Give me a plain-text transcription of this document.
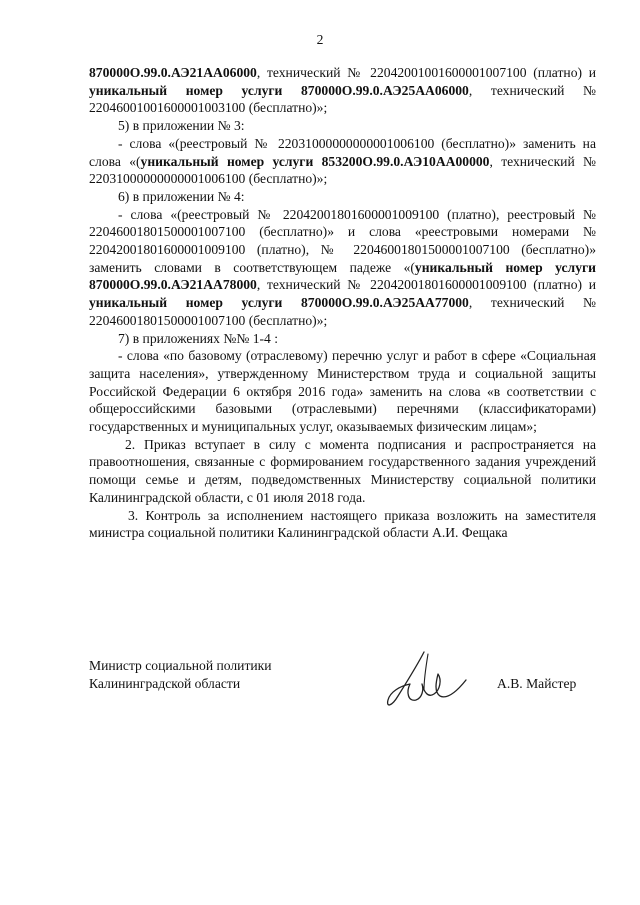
2

870000О.99.0.АЭ21АА06000, технический № 22042001001600001007100 (платно) и уникальный номер услуги 870000О.99.0.АЭ25АА06000, технический № 22046001001600001003100 (бесплатно)»;

5) в приложении № 3:

- слова «(реестровый № 22031000000000001006100 (бесплатно)» заменить на слова «(уникальный номер услуги 853200О.99.0.АЭ10АА00000, технический № 22031000000000001006100 (бесплатно)»;

6) в приложении № 4:

- слова «(реестровый № 22042001801600001009100 (платно), реестровый № 22046001801500001007100 (бесплатно)» и слова «реестровыми номерами № 22042001801600001009100 (платно), № 22046001801500001007100 (бесплатно)» заменить словами в соответствующем падеже «(уникальный номер услуги 870000О.99.0.АЭ21АА78000, технический № 22042001801600001009100 (платно) и уникальный номер услуги 870000О.99.0.АЭ25АА77000, технический № 22046001801500001007100 (бесплатно)»;

7) в приложениях №№ 1-4 :

- слова «по базовому (отраслевому) перечню услуг и работ в сфере «Социальная защита населения», утвержденному Министерством труда и социальной защиты Российской Федерации 6 октября 2016 года» заменить на слова «в соответствии с общероссийскими базовыми (отраслевыми) перечнями (классификаторами) государственных и муниципальных услуг, оказываемых физическим лицам»;

2. Приказ вступает в силу с момента подписания и распространяется на правоотношения, связанные с формированием государственного задания учреждений помощи семье и детям, подведомственных Министерству социальной политики Калининградской области, с 01 июля 2018 года.

3. Контроль за исполнением настоящего приказа возложить на заместителя министра социальной политики Калининградской области А.И. Фещака

Министр социальной политики
Калининградской области	А.В. Майстер
